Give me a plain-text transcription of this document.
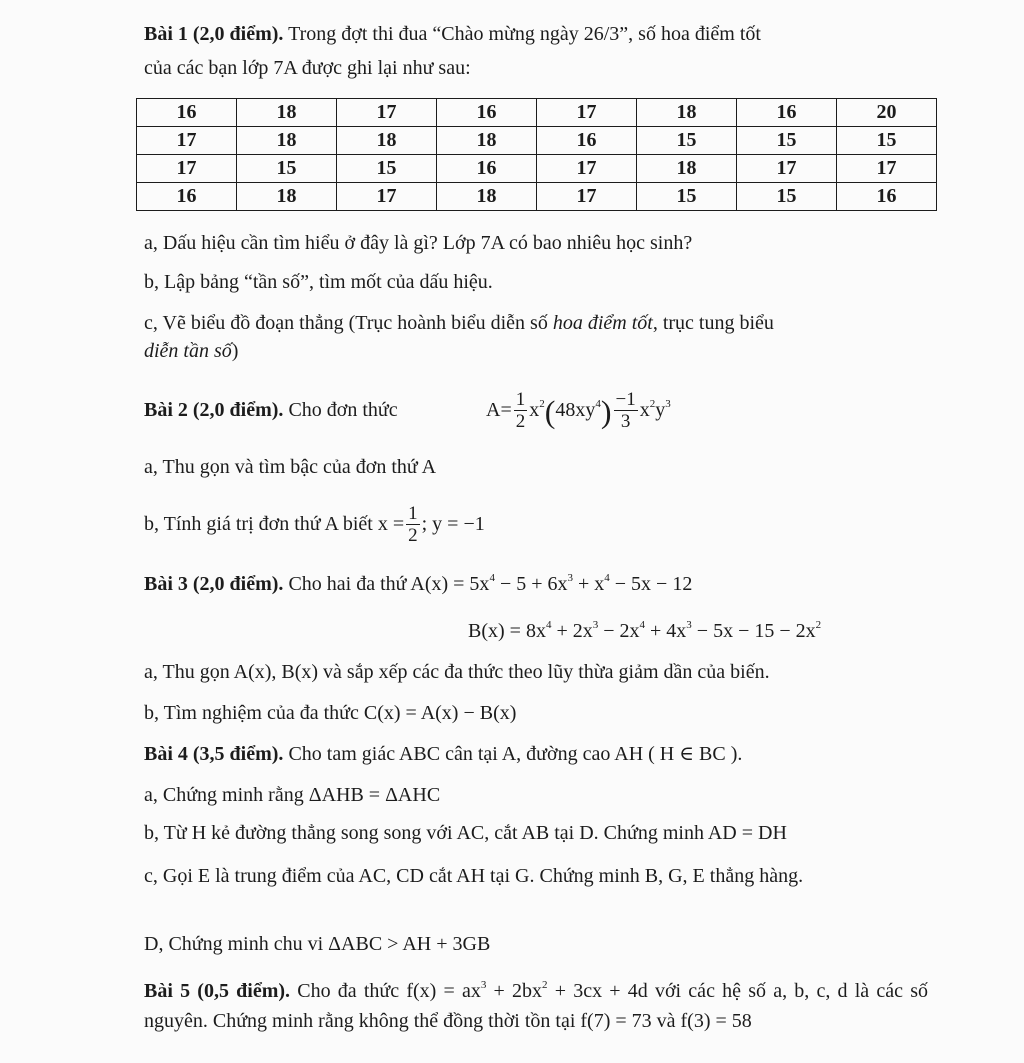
Bài 1 (2,0 điểm). Trong đợt thi đua “Chào mừng ngày 26/3”, số hoa điểm tốt
của các bạn lớp 7A được ghi lại như sau:
16	18	17	16	17	18	16	20
17	18	18	18	16	15	15	15
17	15	15	16	17	18	17	17
16	18	17	18	17	15	15	16
a, Dấu hiệu cần tìm hiểu ở đây là gì? Lớp 7A có bao nhiêu học sinh?
b, Lập bảng “tần số”, tìm mốt của dấu hiệu.
c, Vẽ biểu đồ đoạn thẳng (Trục hoành biểu diễn số hoa điểm tốt, trục tung biểu
diễn tần số)
Bài 2 (2,0 điểm). Cho đơn thức	$A= \frac{1}{2} x^2(48xy^4) \frac{-1}{3} x^2y^3$
a, Thu gọn và tìm bậc của đơn thứ A
b, Tính giá trị đơn thứ A biết $x = \frac{1}{2}$ ; y = −1
Bài 3 (2,0 điểm). Cho hai đa thứ $A(x) = 5x^4 - 5 + 6x^3 + x^4 - 5x - 12$
$B(x) = 8x^4 + 2x^3 - 2x^4 + 4x^3 - 5x - 15 - 2x^2$
a, Thu gọn A(x), B(x) và sắp xếp các đa thức theo lũy thừa giảm dần của biến.
b, Tìm nghiệm của đa thức C(x) = A(x) − B(x)
Bài 4 (3,5 điểm). Cho tam giác ABC cân tại A, đường cao AH ( H ∈ BC ).
a, Chứng minh rằng ΔAHB = ΔAHC
b, Từ H kẻ đường thẳng song song với AC, cắt AB tại D. Chứng minh AD = DH
c, Gọi E là trung điểm của AC, CD cắt AH tại G. Chứng minh B, G, E thẳng hàng.
D, Chứng minh chu vi ΔABC > AH + 3GB
Bài 5 (0,5 điểm). Cho đa thức $f(x) = ax^3 + 2bx^2 + 3cx + 4d$ với các hệ số a, b, c, d là các số nguyên. Chứng minh rằng không thể đồng thời tồn tại f(7) = 73 và f(3) = 58
